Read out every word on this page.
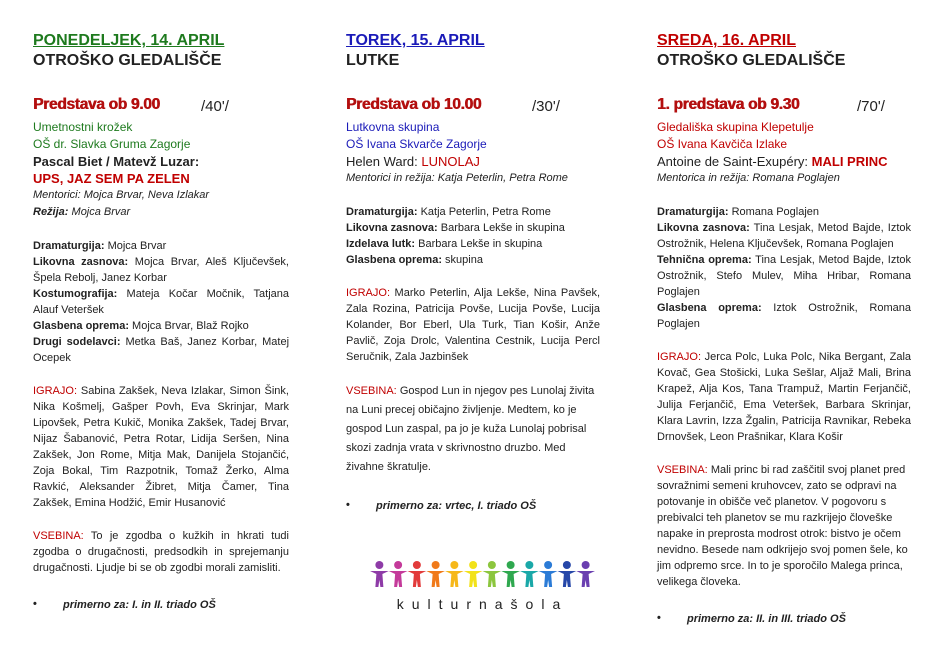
PONEDELJEK, 14. APRIL
OTROŠKO GLEDALIŠČE
Predstava ob 9.00	/40'/
Umetnostni krožek
OŠ dr. Slavka Gruma Zagorje
Pascal Biet / Matevž Luzar:
UPS, JAZ SEM PA ZELEN
Mentorici: Mojca Brvar, Neva Izlakar
Režija: Mojca Brvar
Dramaturgija: Mojca Brvar
Likovna zasnova: Mojca Brvar, Aleš Ključevšek, Špela Rebolj, Janez Korbar
Kostumografija: Mateja Kočar Močnik, Tatjana Alauf Veteršek
Glasbena oprema: Mojca Brvar, Blaž Rojko
Drugi sodelavci: Metka Baš, Janez Korbar, Matej Ocepek
IGRAJO: Sabina Zakšek, Neva Izlakar, Simon Šink, Nika Košmelj, Gašper Povh, Eva Skrinjar, Mark Lipovšek, Petra Kukič, Monika Zakšek, Tadej Brvar, Nijaz Šabanović, Petra Rotar, Lidija Seršen, Nina Zakšek, Jon Rome, Mitja Mak, Danijela Stojančić, Zoja Bokal, Tim Razpotnik, Tomaž Žerko, Alma Ravkić, Aleksander Žibret, Mitja Čamer, Tina Zakšek, Emina Hodžić, Emir Husanović
VSEBINA: To je zgodba o kužkih in hkrati tudi zgodba o drugačnosti, predsodkih in sprejemanju drugačnosti. Ljudje bi se ob zgodbi morali zamisliti.
• primerno za: I. in II. triado OŠ
TOREK, 15. APRIL
LUTKE
Predstava ob 10.00	/30'/
Lutkovna skupina
OŠ Ivana Skvarče Zagorje
Helen Ward: LUNOLAJ
Mentorici in režija: Katja Peterlin, Petra Rome
Dramaturgija: Katja Peterlin, Petra Rome
Likovna zasnova: Barbara Lekše in skupina
Izdelava lutk: Barbara Lekše in skupina
Glasbena oprema: skupina
IGRAJO: Marko Peterlin, Alja Lekše, Nina Pavšek, Zala Rozina, Patricija Povše, Lucija Povše, Lucija Kolander, Bor Eberl, Ula Turk, Tian Košir, Anže Pavlič, Zoja Drolc, Valentina Cestnik, Lucija Percl Seručnik, Zala Jazbinšek
VSEBINA: Gospod Lun in njegov pes Lunolaj živita na Luni precej običajno življenje. Medtem, ko je gospod Lun zaspal, pa jo je kuža Lunolaj pobrisal skozi zadnja vrata v skrivnostno druzbo. Med živahne škratulje.
• primerno za: vrtec, I. triado OŠ
SREDA, 16. APRIL
OTROŠKO GLEDALIŠČE
1. predstava ob 9.30	/70'/
Gledališka skupina Klepetulje
OŠ Ivana Kavčiča Izlake
Antoine de Saint-Exupéry: MALI PRINC
Mentorica in režija: Romana Poglajen
Dramaturgija: Romana Poglajen
Likovna zasnova: Tina Lesjak, Metod Bajde, Iztok Ostrožnik, Helena Ključevšek, Romana Poglajen
Tehnična oprema: Tina Lesjak, Metod Bajde, Iztok Ostrožnik, Stefo Mulev, Miha Hribar, Romana Poglajen
Glasbena oprema: Iztok Ostrožnik, Romana Poglajen
IGRAJO: Jerca Polc, Luka Polc, Nika Bergant, Zala Kovač, Gea Stošicki, Luka Sešlar, Aljaž Mali, Brina Krapež, Alja Kos, Tana Trampuž, Martin Ferjančič, Julija Ferjančič, Ema Veteršek, Barbara Skrinjar, Klara Lavrin, Izza Žgalin, Patricija Ravnikar, Rebeka Drnovšek, Leon Prašnikar, Klara Košir
VSEBINA: Mali princ bi rad zaščitil svoj planet pred sovražnimi semeni kruhovcev, zato se odpravi na potovanje in obišče več planetov. V pogovoru s prebivalci teh planetov se mu razkrijejo človeške napake in preprosta modrost otrok: bistvo je očem nevidno. Besede nam odkrijejo svoj pomen šele, ko jim odpremo srce. In to je sporočilo Malega princa, velikega človeka.
• primerno za: II. in III. triado OŠ
kulturnašola
